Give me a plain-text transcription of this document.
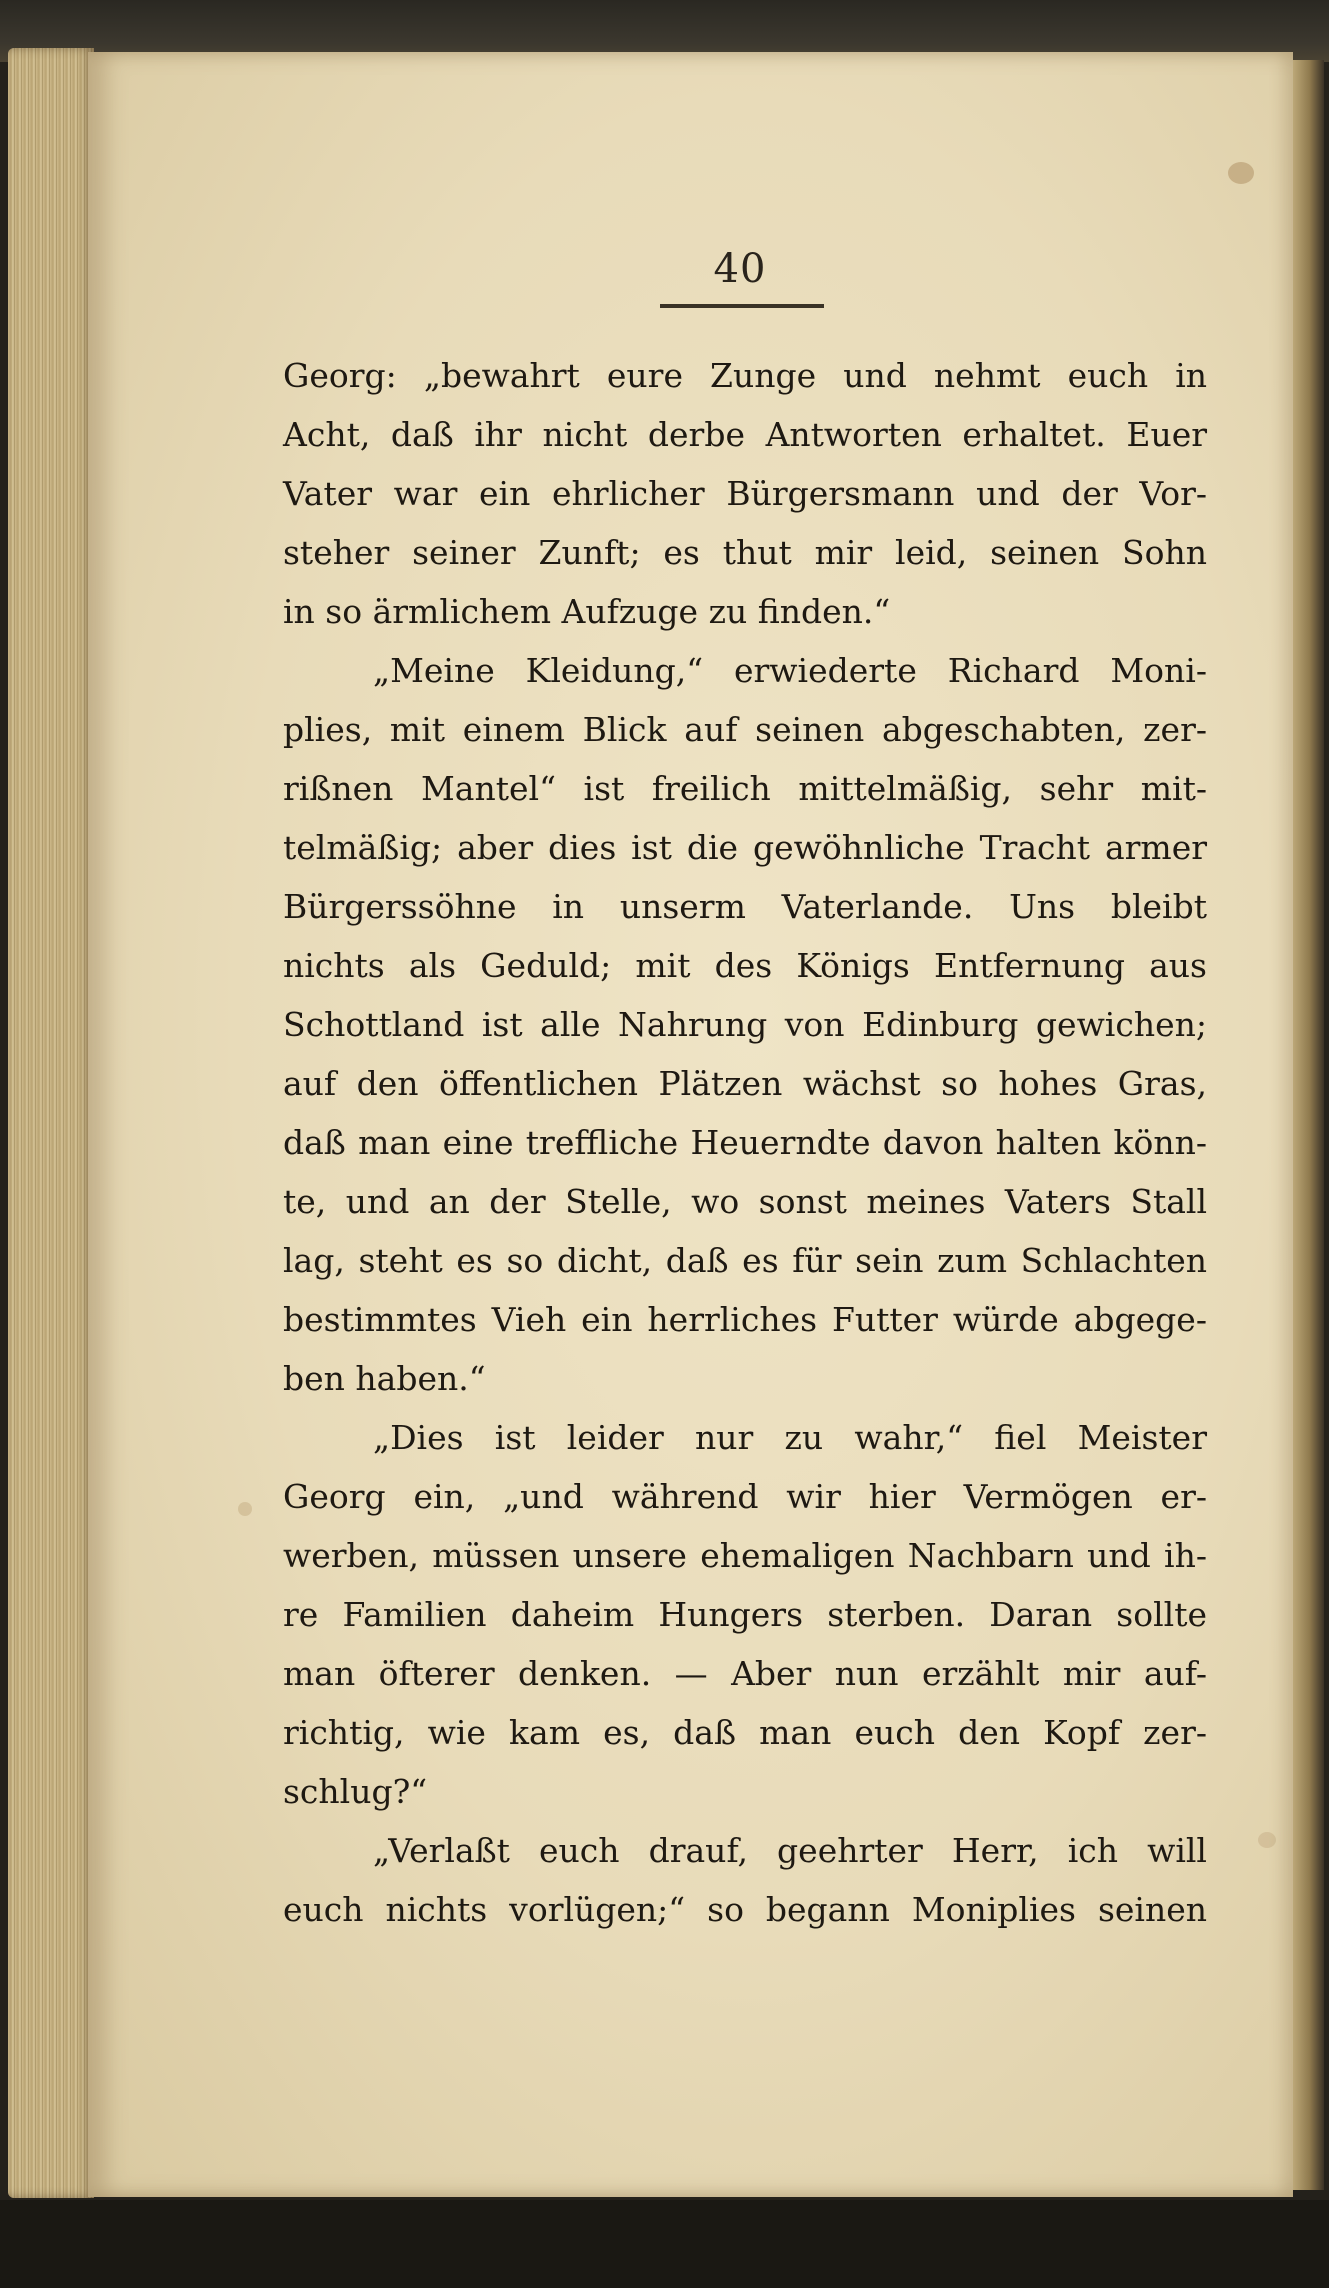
40
Georg: „bewahrt eure Zunge und nehmt euch in
Acht, daß ihr nicht derbe Antworten erhaltet. Euer
Vater war ein ehrlicher Bürgersmann und der Vor-
steher seiner Zunft; es thut mir leid, seinen Sohn
in so ärmlichem Aufzuge zu finden.“
„Meine Kleidung,“ erwiederte Richard Moni-
plies, mit einem Blick auf seinen abgeschabten, zer-
rißnen Mantel“ ist freilich mittelmäßig, sehr mit-
telmäßig; aber dies ist die gewöhnliche Tracht armer
Bürgerssöhne in unserm Vaterlande. Uns bleibt
nichts als Geduld; mit des Königs Entfernung aus
Schottland ist alle Nahrung von Edinburg gewichen;
auf den öffentlichen Plätzen wächst so hohes Gras,
daß man eine treffliche Heuerndte davon halten könn-
te, und an der Stelle, wo sonst meines Vaters Stall
lag, steht es so dicht, daß es für sein zum Schlachten
bestimmtes Vieh ein herrliches Futter würde abgege-
ben haben.“
„Dies ist leider nur zu wahr,“ fiel Meister
Georg ein, „und während wir hier Vermögen er-
werben, müssen unsere ehemaligen Nachbarn und ih-
re Familien daheim Hungers sterben. Daran sollte
man öfterer denken. — Aber nun erzählt mir auf-
richtig, wie kam es, daß man euch den Kopf zer-
schlug?“
„Verlaßt euch drauf, geehrter Herr, ich will
euch nichts vorlügen;“ so begann Moniplies seinen
